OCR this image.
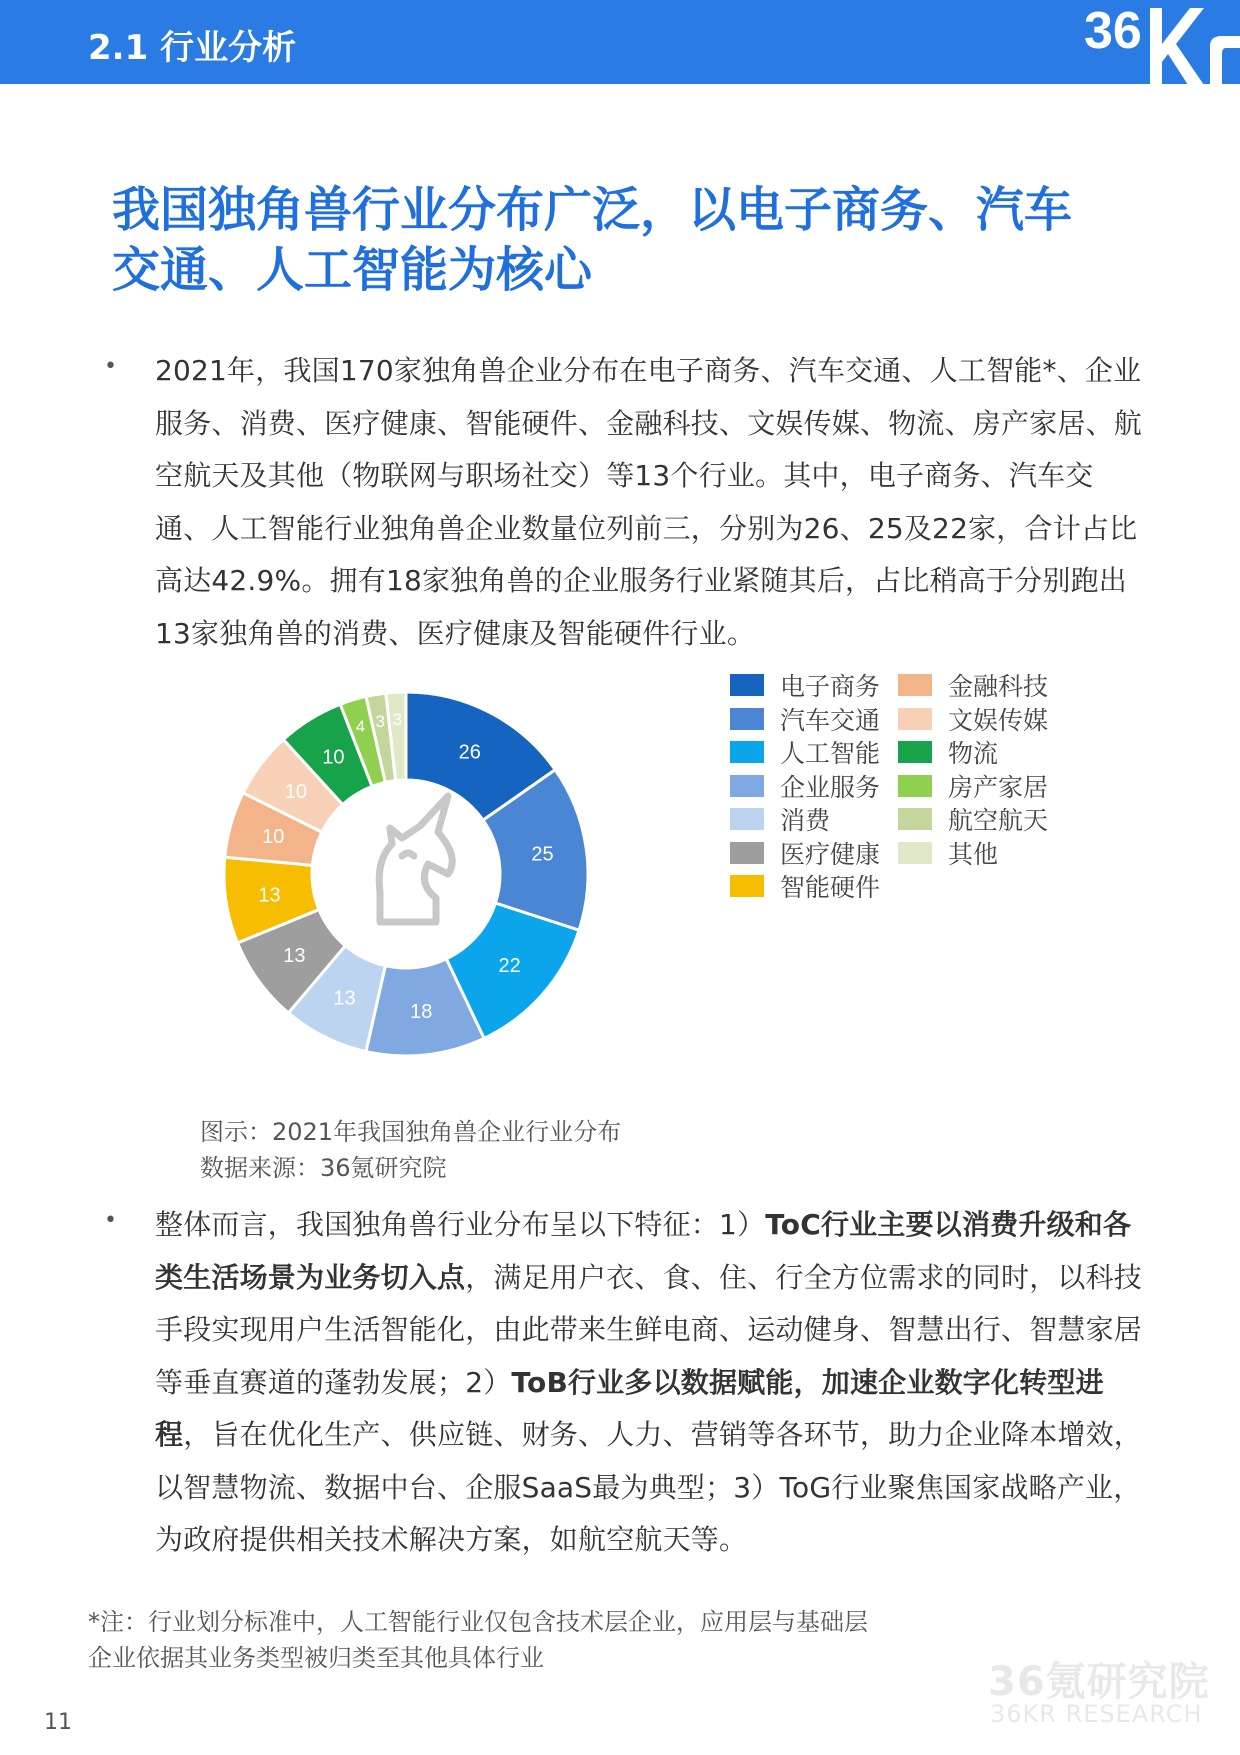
2.1 行业分析	36
我国独角兽行业分布广泛，以电子商务、汽车
交通、人工智能为核心
• 2021年，我国170家独角兽企业分布在电子商务、汽车交通、人工智能*、企业服务、消费、医疗健康、智能硬件、金融科技、文娱传媒、物流、房产家居、航空航天及其他（物联网与职场社交）等13个行业。其中，电子商务、汽车交通、人工智能行业独角兽企业数量位列前三，分别为26、25及22家，合计占比高达42.9%。拥有18家独角兽的企业服务行业紧随其后，占比稍高于分别跑出13家独角兽的消费、医疗健康及智能硬件行业。
26
25
22
18
13
13
13
10
10
10
4 3 3
电子商务
汽车交通
人工智能
企业服务
消费
医疗健康
智能硬件
金融科技
文娱传媒
物流
房产家居
航空航天
其他
图示：2021年我国独角兽企业行业分布
数据来源：36氪研究院
• 整体而言，我国独角兽行业分布呈以下特征：1）ToC行业主要以消费升级和各类生活场景为业务切入点，满足用户衣、食、住、行全方位需求的同时，以科技手段实现用户生活智能化，由此带来生鲜电商、运动健身、智慧出行、智慧家居等垂直赛道的蓬勃发展；2）ToB行业多以数据赋能，加速企业数字化转型进程，旨在优化生产、供应链、财务、人力、营销等各环节，助力企业降本增效，以智慧物流、数据中台、企服SaaS最为典型；3）ToG行业聚焦国家战略产业，为政府提供相关技术解决方案，如航空航天等。
*注：行业划分标准中，人工智能行业仅包含技术层企业，应用层与基础层
企业依据其业务类型被归类至其他具体行业
36氪研究院
36KR RESEARCH
11
